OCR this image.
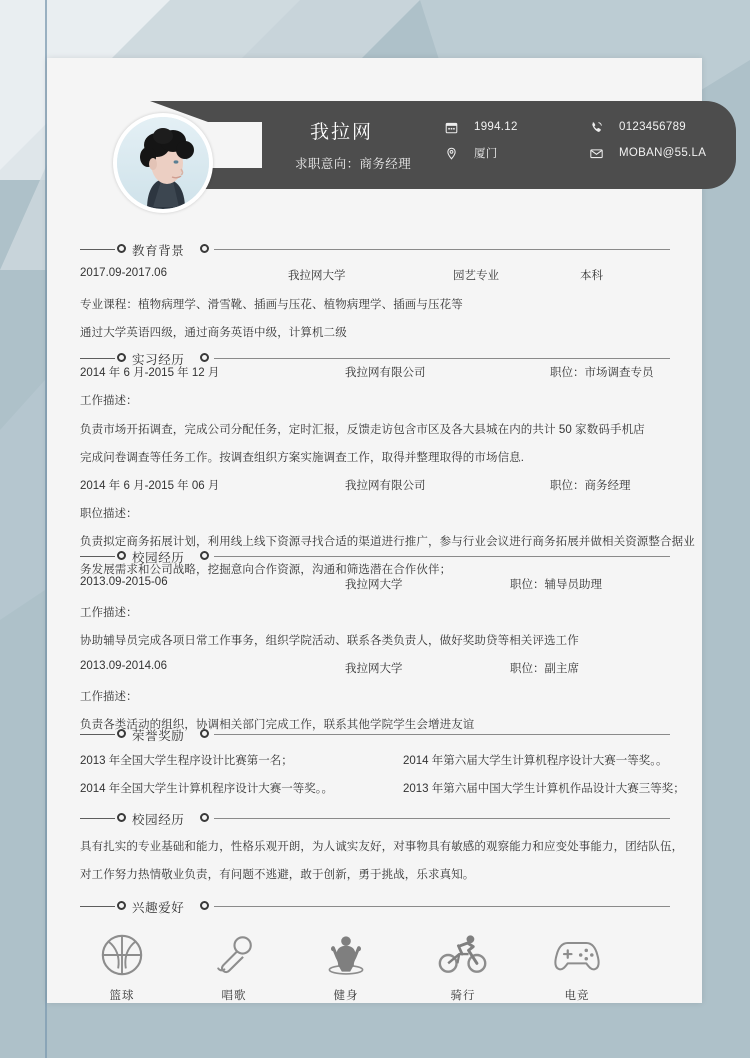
我拉网
求职意向：商务经理
1994.12
厦门
0123456789
MOBAN@55.LA
教育背景
2017.09-2017.06	我拉网大学	园艺专业	本科
专业课程：植物病理学、滑雪靴、插画与压花、植物病理学、插画与压花等
通过大学英语四级，通过商务英语中级，计算机二级
实习经历
2014 年 6 月-2015 年 12 月	我拉网有限公司	职位：市场调查专员
工作描述：
负责市场开拓调查，完成公司分配任务，定时汇报，反馈走访包含市区及各大县城在内的共计 50 家数码手机店
完成问卷调查等任务工作。按调查组织方案实施调查工作，取得并整理取得的市场信息.
2014 年 6 月-2015 年 06 月	我拉网有限公司	职位：商务经理
职位描述：
负责拟定商务拓展计划，利用线上线下资源寻找合适的渠道进行推广，参与行业会议进行商务拓展并做相关资源整合据业
务发展需求和公司战略，挖掘意向合作资源，沟通和筛选潜在合作伙伴；
校园经历
2013.09-2015-06	我拉网大学	职位：辅导员助理
工作描述：
协助辅导员完成各项日常工作事务，组织学院活动、联系各类负责人，做好奖助贷等相关评选工作
2013.09-2014.06	我拉网大学	职位：副主席
工作描述：
负责各类活动的组织，协调相关部门完成工作，联系其他学院学生会增进友谊
荣誉奖励
2013 年全国大学生程序设计比赛第一名；	2014 年第六届大学生计算机程序设计大赛一等奖。。
2014 年全国大学生计算机程序设计大赛一等奖。。	2013 年第六届中国大学生计算机作品设计大赛三等奖；
校园经历
具有扎实的专业基础和能力，性格乐观开朗，为人诚实友好，对事物具有敏感的观察能力和应变处事能力，团结队伍，
对工作努力热情敬业负责，有问题不逃避，敢于创新，勇于挑战，乐求真知。
兴趣爱好
篮球	唱歌	健身	骑行	电竞
